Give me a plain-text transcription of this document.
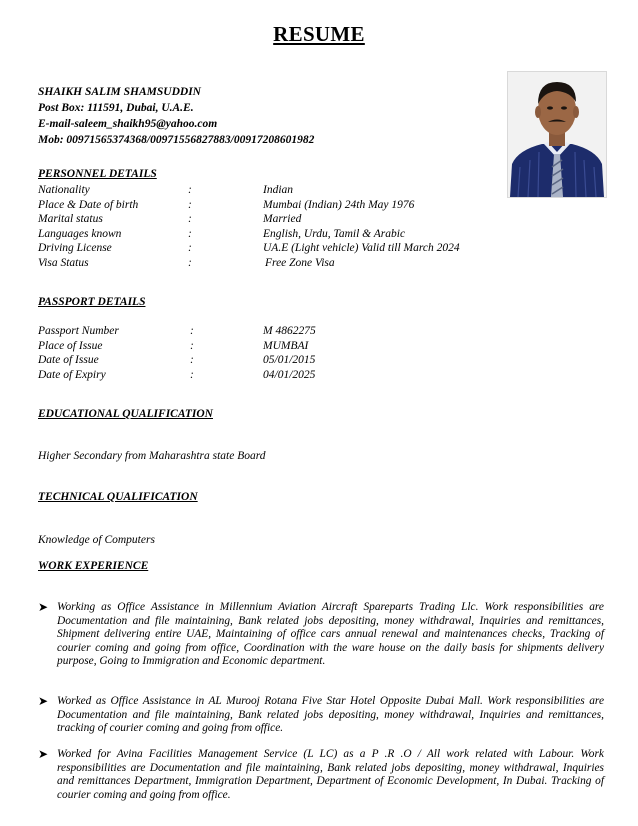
RESUME
SHAIKH SALIM SHAMSUDDIN
Post Box: 111591, Dubai, U.A.E.
E-mail-saleem_shaikh95@yahoo.com
Mob: 00971565374368/00971556827883/00917208601982
PERSONNEL DETAILS
Nationality	:	Indian
Place & Date of birth	:	Mumbai (Indian) 24th May 1976
Marital status	:	Married
Languages known	:	English, Urdu, Tamil & Arabic
Driving License	:	UA.E (Light vehicle) Valid till March 2024
Visa Status	:	Free Zone Visa
PASSPORT DETAILS
Passport Number	:	M 4862275
Place of Issue	:	MUMBAI
Date of Issue	:	05/01/2015
Date of Expiry	:	04/01/2025
EDUCATIONAL QUALIFICATION
Higher Secondary from Maharashtra state Board
TECHNICAL QUALIFICATION
Knowledge of Computers
WORK EXPERIENCE
➤ Working as Office Assistance in Millennium Aviation Aircraft Spareparts Trading Llc. Work responsibilities are Documentation and file maintaining, Bank related jobs depositing, money withdrawal, Inquiries and remittances, Shipment delivering entire UAE, Maintaining of office cars annual renewal and maintenances checks, Tracking of courier coming and going from office, Coordination with the ware house on the daily basis for shipments delivery purpose, Going to Immigration and Economic department.
➤ Worked as Office Assistance in AL Murooj Rotana Five Star Hotel Opposite Dubai Mall. Work responsibilities are Documentation and file maintaining, Bank related jobs depositing, money withdrawal, Inquiries and remittances, tracking of courier coming and going from office.
➤ Worked for Avina Facilities Management Service (L LC) as a P .R .O / All work related with Labour. Work responsibilities are Documentation and file maintaining, Bank related jobs depositing, money withdrawal, Inquiries and remittances Department, Immigration Department, Department of Economic Development, In Dubai. Tracking of courier coming and going from office.
